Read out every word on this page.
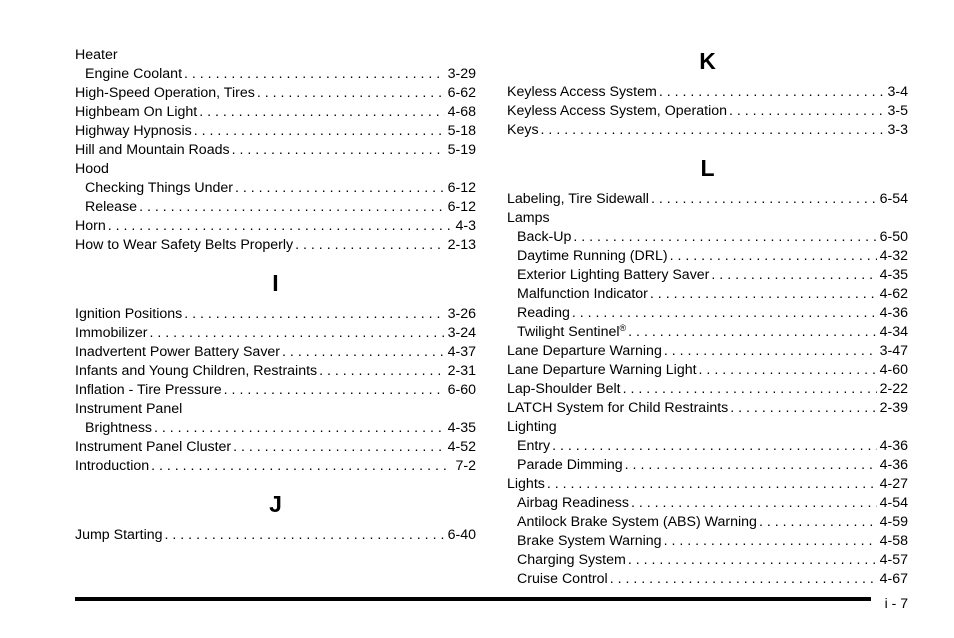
Heater
Engine Coolant . . .	3-29
High-Speed Operation, Tires . . .	6-62
Highbeam On Light . . .	4-68
Highway Hypnosis . . .	5-18
Hill and Mountain Roads . . .	5-19
Hood
Checking Things Under . . .	6-12
Release . . .	6-12
Horn . . .	4-3
How to Wear Safety Belts Properly . . .	2-13
I
Ignition Positions . . .	3-26
Immobilizer . . .	3-24
Inadvertent Power Battery Saver . . .	4-37
Infants and Young Children, Restraints . . .	2-31
Inflation - Tire Pressure . . .	6-60
Instrument Panel
Brightness . . .	4-35
Instrument Panel Cluster . . .	4-52
Introduction . . .	7-2
J
Jump Starting . . .	6-40
K
Keyless Access System . . .	3-4
Keyless Access System, Operation . . .	3-5
Keys . . .	3-3
L
Labeling, Tire Sidewall . . .	6-54
Lamps
Back-Up . . .	6-50
Daytime Running (DRL) . . .	4-32
Exterior Lighting Battery Saver . . .	4-35
Malfunction Indicator . . .	4-62
Reading . . .	4-36
Twilight Sentinel® . . .	4-34
Lane Departure Warning . . .	3-47
Lane Departure Warning Light . . .	4-60
Lap-Shoulder Belt . . .	2-22
LATCH System for Child Restraints . . .	2-39
Lighting
Entry . . .	4-36
Parade Dimming . . .	4-36
Lights . . .	4-27
Airbag Readiness . . .	4-54
Antilock Brake System (ABS) Warning . . .	4-59
Brake System Warning . . .	4-58
Charging System . . .	4-57
Cruise Control . . .	4-67
i - 7
